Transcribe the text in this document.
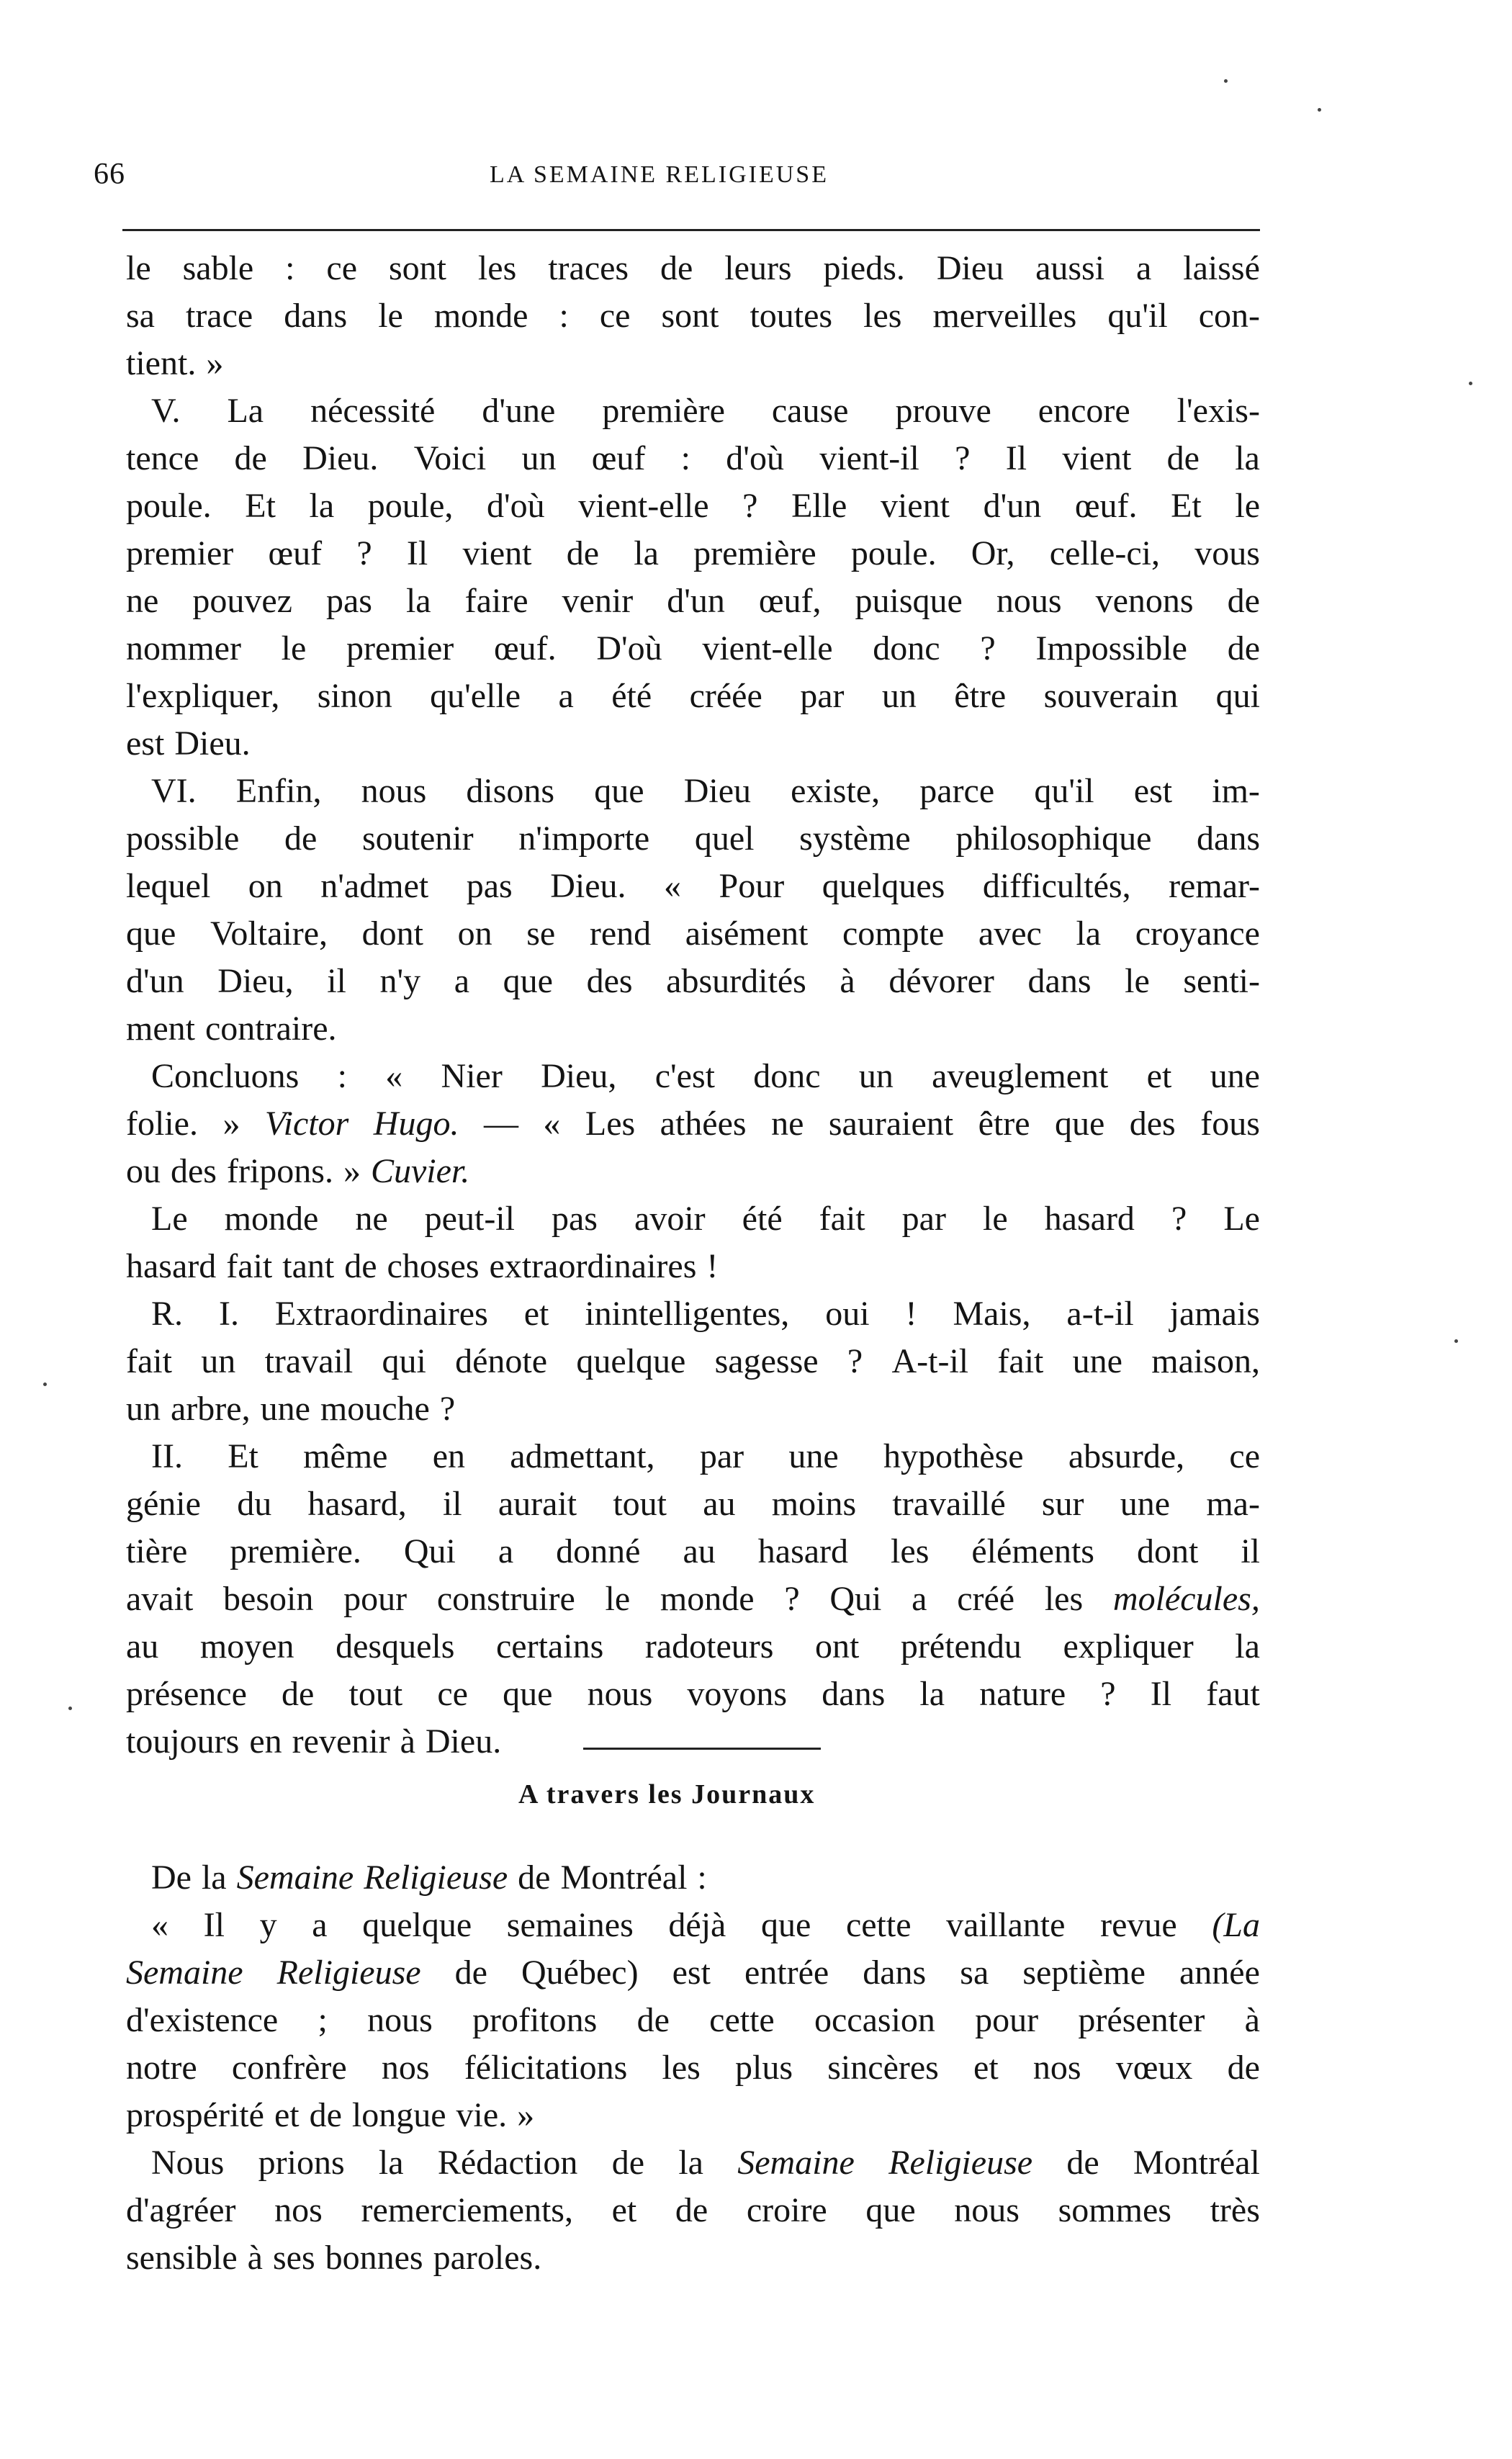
66	LA SEMAINE RELIGIEUSE
le sable : ce sont les traces de leurs pieds. Dieu aussi a laissé
sa trace dans le monde : ce sont toutes les merveilles qu'il con-
tient. »
V. La nécessité d'une première cause prouve encore l'exis-
tence de Dieu. Voici un œuf : d'où vient-il ? Il vient de la
poule. Et la poule, d'où vient-elle ? Elle vient d'un œuf. Et le
premier œuf ? Il vient de la première poule. Or, celle-ci, vous
ne pouvez pas la faire venir d'un œuf, puisque nous venons de
nommer le premier œuf. D'où vient-elle donc ? Impossible de
l'expliquer, sinon qu'elle a été créée par un être souverain qui
est Dieu.
VI. Enfin, nous disons que Dieu existe, parce qu'il est im-
possible de soutenir n'importe quel système philosophique dans
lequel on n'admet pas Dieu. « Pour quelques difficultés, remar-
que Voltaire, dont on se rend aisément compte avec la croyance
d'un Dieu, il n'y a que des absurdités à dévorer dans le senti-
ment contraire.
Concluons : « Nier Dieu, c'est donc un aveuglement et une
folie. » Victor Hugo. — « Les athées ne sauraient être que des fous
ou des fripons. » Cuvier.
Le monde ne peut-il pas avoir été fait par le hasard ? Le
hasard fait tant de choses extraordinaires !
R. I. Extraordinaires et inintelligentes, oui ! Mais, a-t-il jamais
fait un travail qui dénote quelque sagesse ? A-t-il fait une maison,
un arbre, une mouche ?
II. Et même en admettant, par une hypothèse absurde, ce
génie du hasard, il aurait tout au moins travaillé sur une ma-
tière première. Qui a donné au hasard les éléments dont il
avait besoin pour construire le monde ? Qui a créé les molécules,
au moyen desquels certains radoteurs ont prétendu expliquer la
présence de tout ce que nous voyons dans la nature ? Il faut
toujours en revenir à Dieu.
A travers les Journaux
De la Semaine Religieuse de Montréal :
« Il y a quelque semaines déjà que cette vaillante revue (La
Semaine Religieuse de Québec) est entrée dans sa septième année
d'existence ; nous profitons de cette occasion pour présenter à
notre confrère nos félicitations les plus sincères et nos vœux de
prospérité et de longue vie. »
Nous prions la Rédaction de la Semaine Religieuse de Montréal
d'agréer nos remerciements, et de croire que nous sommes très
sensible à ses bonnes paroles.
